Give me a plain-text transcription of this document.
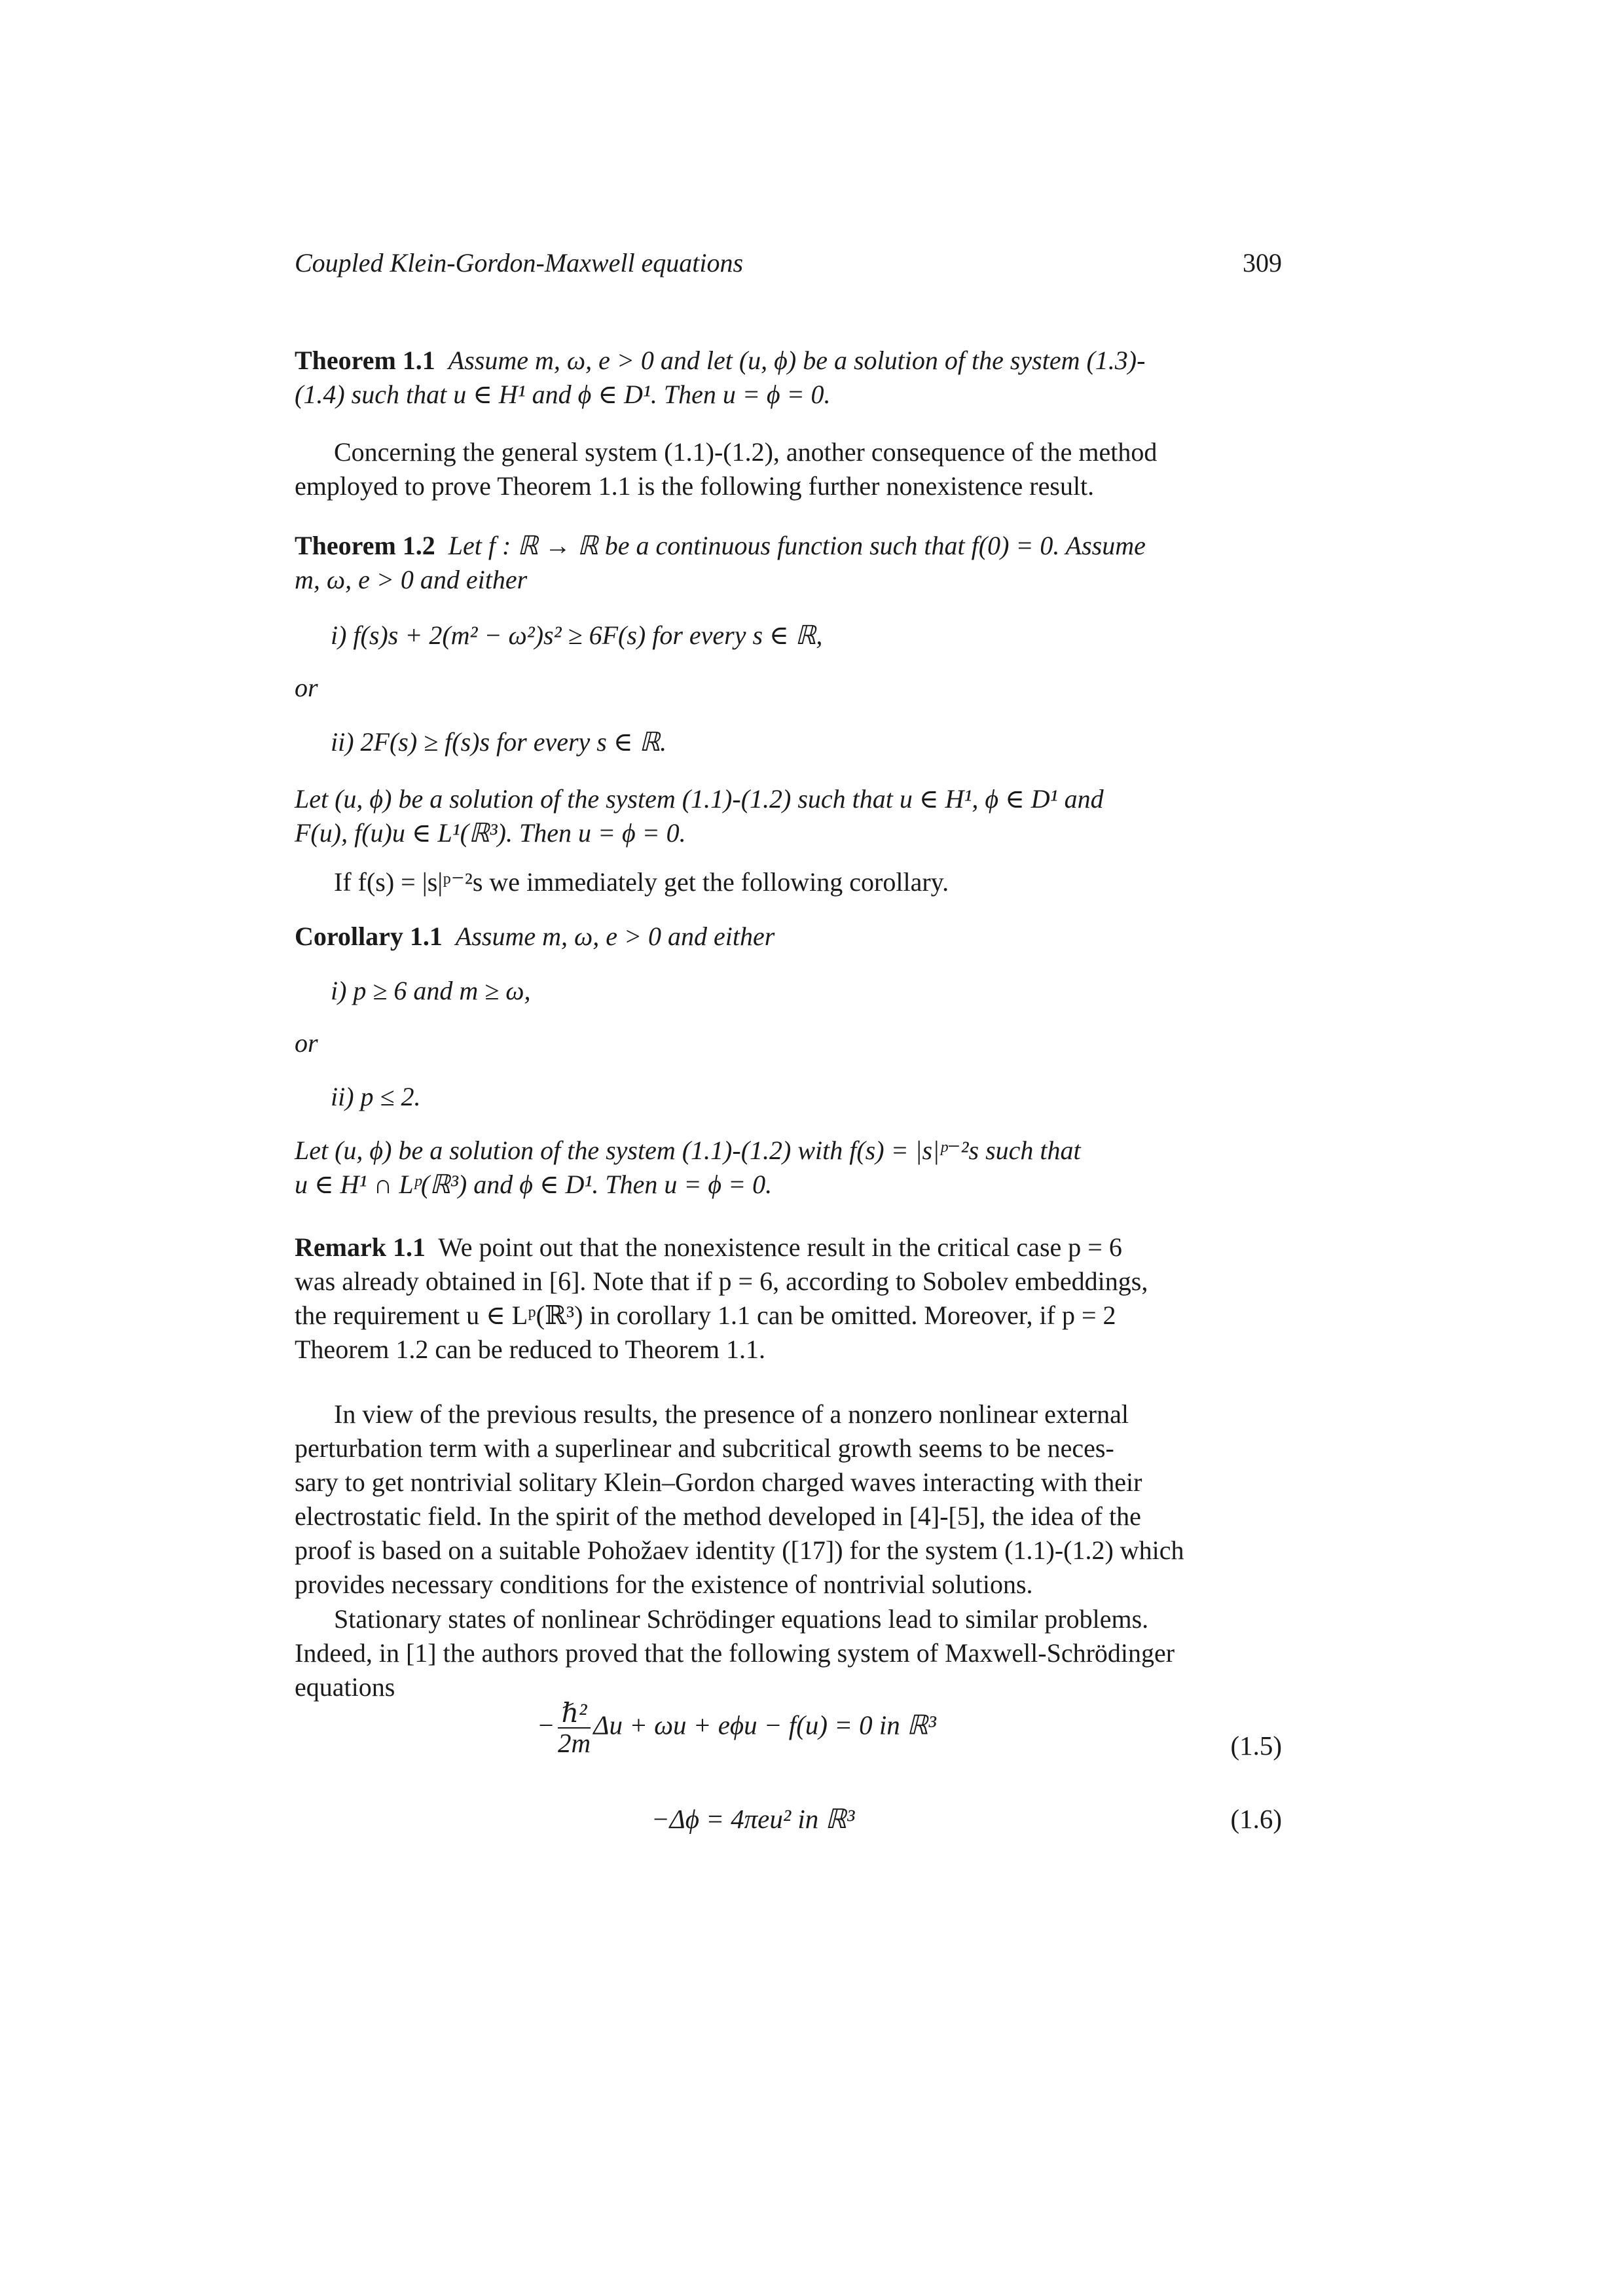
Coupled Klein-Gordon-Maxwell equations	309
Theorem 1.1 Assume m, ω, e > 0 and let (u, ϕ) be a solution of the system (1.3)-
(1.4) such that u ∈ H¹ and ϕ ∈ D¹. Then u = ϕ = 0.
Concerning the general system (1.1)-(1.2), another consequence of the method
employed to prove Theorem 1.1 is the following further nonexistence result.
Theorem 1.2 Let f : ℝ → ℝ be a continuous function such that f(0) = 0. Assume
m, ω, e > 0 and either
i) f(s)s + 2(m² − ω²)s² ≥ 6F(s) for every s ∈ ℝ,
or
ii) 2F(s) ≥ f(s)s for every s ∈ ℝ.
Let (u, ϕ) be a solution of the system (1.1)-(1.2) such that u ∈ H¹, ϕ ∈ D¹ and
F(u), f(u)u ∈ L¹(ℝ³). Then u = ϕ = 0.
If f(s) = |s|ᵖ⁻²s we immediately get the following corollary.
Corollary 1.1 Assume m, ω, e > 0 and either
i) p ≥ 6 and m ≥ ω,
or
ii) p ≤ 2.
Let (u, ϕ) be a solution of the system (1.1)-(1.2) with f(s) = |s|ᵖ⁻²s such that
u ∈ H¹ ∩ Lᵖ(ℝ³) and ϕ ∈ D¹. Then u = ϕ = 0.
Remark 1.1 We point out that the nonexistence result in the critical case p = 6
was already obtained in [6]. Note that if p = 6, according to Sobolev embeddings,
the requirement u ∈ Lᵖ(ℝ³) in corollary 1.1 can be omitted. Moreover, if p = 2
Theorem 1.2 can be reduced to Theorem 1.1.
In view of the previous results, the presence of a nonzero nonlinear external
perturbation term with a superlinear and subcritical growth seems to be neces-
sary to get nontrivial solitary Klein–Gordon charged waves interacting with their
electrostatic field. In the spirit of the method developed in [4]-[5], the idea of the
proof is based on a suitable Pohožaev identity ([17]) for the system (1.1)-(1.2) which
provides necessary conditions for the existence of nontrivial solutions.
Stationary states of nonlinear Schrödinger equations lead to similar problems.
Indeed, in [1] the authors proved that the following system of Maxwell-Schrödinger
equations
− $\frac{\text{ℏ²}}{2m}$ Δu + ωu + eϕu − f(u) = 0 in ℝ³
(1.5)
−Δϕ = 4πeu² in ℝ³	(1.6)
